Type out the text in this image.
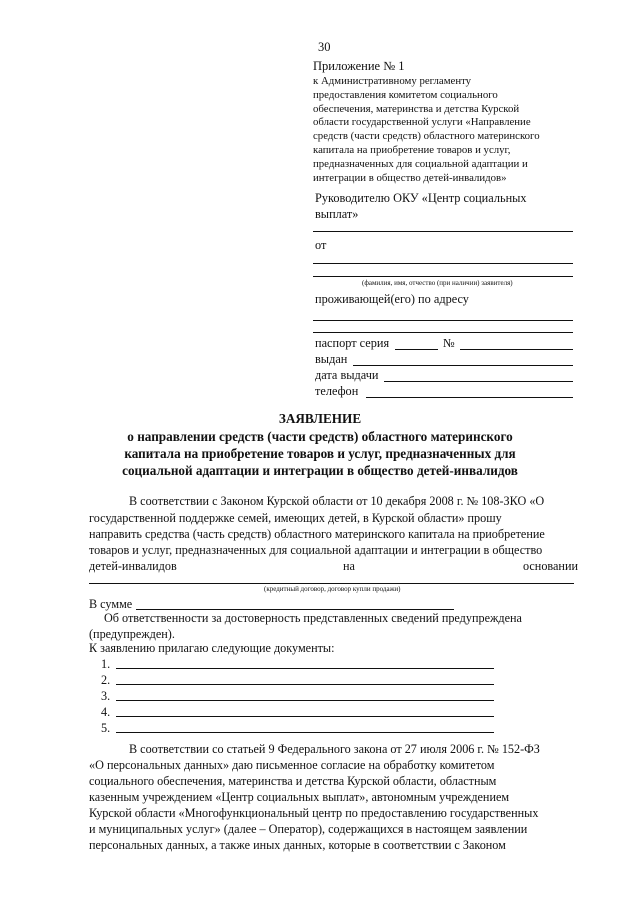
30
Приложение № 1
к Административному регламенту
предоставления комитетом социального
обеспечения, материнства и детства Курской
области государственной услуги «Направление
средств (части средств) областного материнского
капитала на приобретение товаров и услуг,
предназначенных для социальной адаптации и
интеграции в общество детей-инвалидов»
Руководителю ОКУ «Центр социальных
выплат»
от
(фамилия, имя, отчество (при наличии) заявителя)
проживающей(его) по адресу
паспорт серия	№
выдан
дата выдачи
телефон
ЗАЯВЛЕНИЕ
о направлении средств (части средств) областного материнского
капитала на приобретение товаров и услуг, предназначенных для
социальной адаптации и интеграции в общество детей-инвалидов
В соответствии с Законом Курской области от 10 декабря 2008 г. № 108-ЗКО «О
государственной поддержке семей, имеющих детей, в Курской области» прошу
направить средства (часть средств) областного материнского капитала на приобретение
товаров и услуг, предназначенных для социальной адаптации и интеграции в общество
детей-инвалидов	на	основании
(кредитный договор, договор купли продажи)
В сумме
Об ответственности за достоверность представленных сведений предупреждена
(предупрежден).
К заявлению прилагаю следующие документы:
1.
2.
3.
4.
5.
В соответствии со статьей 9 Федерального закона от 27 июля 2006 г. № 152-ФЗ
«О персональных данных» даю письменное согласие на обработку комитетом
социального обеспечения, материнства и детства Курской области, областным
казенным учреждением «Центр социальных выплат», автономным учреждением
Курской области «Многофункциональный центр по предоставлению государственных
и муниципальных услуг» (далее – Оператор), содержащихся в настоящем заявлении
персональных данных, а также иных данных, которые в соответствии с Законом
